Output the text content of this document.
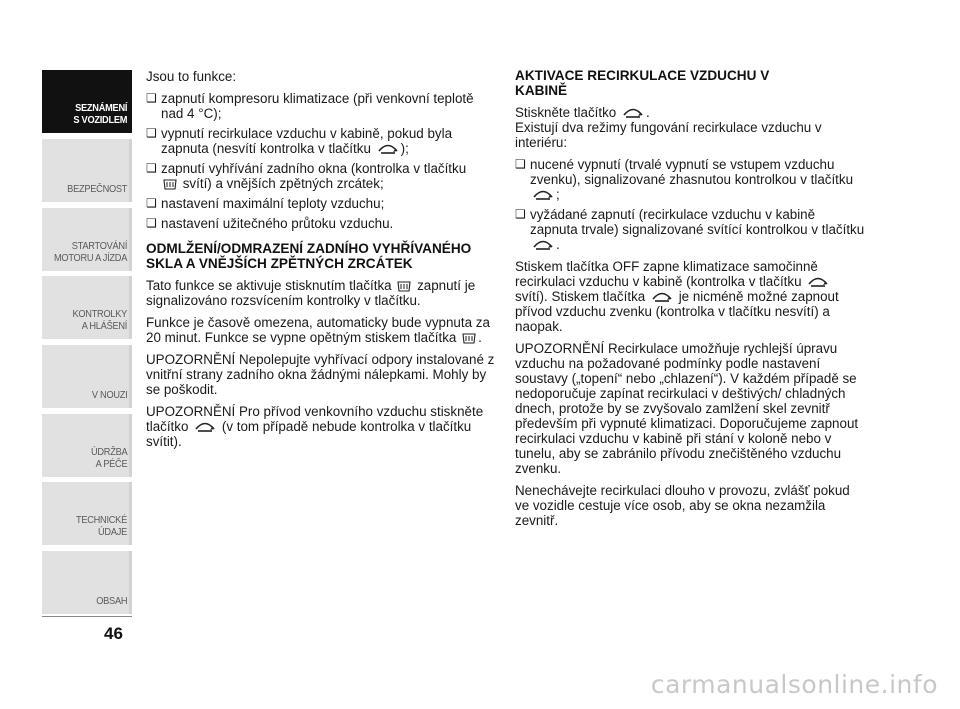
SEZNÁMENÍ
S VOZIDLEM
BEZPEČNOST
STARTOVÁNÍ
MOTORU A JÍZDA
KONTROLKY
A HLÁŠENÍ
V NOUZI
ÚDRŽBA
A PÉČE
TECHNICKÉ
ÚDAJE
OBSAH
46

Jsou to funkce:

❑ zapnutí kompresoru klimatizace (při venkovní teplotě nad 4 °C);
❑ vypnutí recirkulace vzduchu v kabině, pokud byla zapnuta (nesvítí kontrolka v tlačítku );
❑ zapnutí vyhřívání zadního okna (kontrolka v tlačítku
svítí) a vnějších zpětných zrcátek;
❑ nastavení maximální teploty vzduchu;
❑ nastavení užitečného průtoku vzduchu.
ODMLŽENÍ/ODMRAZENÍ ZADNÍHO VYHŘÍVANÉHO SKLA A VNĚJŠÍCH ZPĚTNÝCH ZRCÁTEK

Tato funkce se aktivuje stisknutím tlačítka zapnutí je signalizováno rozsvícením kontrolky v tlačítku.

Funkce je časově omezena, automaticky bude vypnuta za 20 minut. Funkce se vypne opětným stiskem tlačítka .

UPOZORNĚNÍ Nepolepujte vyhřívací odpory instalované z vnitřní strany zadního okna žádnými nálepkami. Mohly by se poškodit.

UPOZORNĚNÍ Pro přívod venkovního vzduchu stiskněte tlačítko (v tom případě nebude kontrolka v tlačítku svítit).

AKTIVACE RECIRKULACE VZDUCHU V KABINĚ

Stiskněte tlačítko .

Existují dva režimy fungování recirkulace vzduchu v interiéru:

❑ nucené vypnutí (trvalé vypnutí se vstupem vzduchu zvenku), signalizované zhasnutou kontrolkou v tlačítku
;
❑ vyžádané zapnutí (recirkulace vzduchu v kabině zapnuta trvale) signalizované svítící kontrolkou v tlačítku .

Stiskem tlačítka OFF zapne klimatizace samočinně recirkulaci vzduchu v kabině (kontrolka v tlačítku  svítí). Stiskem tlačítka je nicméně možné zapnout přívod vzduchu zvenku (kontrolka v tlačítku nesvítí) a naopak.

UPOZORNĚNÍ Recirkulace umožňuje rychlejší úpravu vzduchu na požadované podmínky podle nastavení soustavy („topení“ nebo „chlazení“). V každém případě se nedoporučuje zapínat recirkulaci v deštivých/ chladných dnech, protože by se zvyšovalo zamlžení skel zevnitř především při vypnuté klimatizaci. Doporučujeme zapnout recirkulaci vzduchu v kabině při stání v koloně nebo v tunelu, aby se zabránilo přívodu znečištěného vzduchu zvenku.

Nenechávejte recirkulaci dlouho v provozu, zvlášť pokud ve vozidle cestuje více osob, aby se okna nezamžila zevnitř.

carmanualsonline.info
